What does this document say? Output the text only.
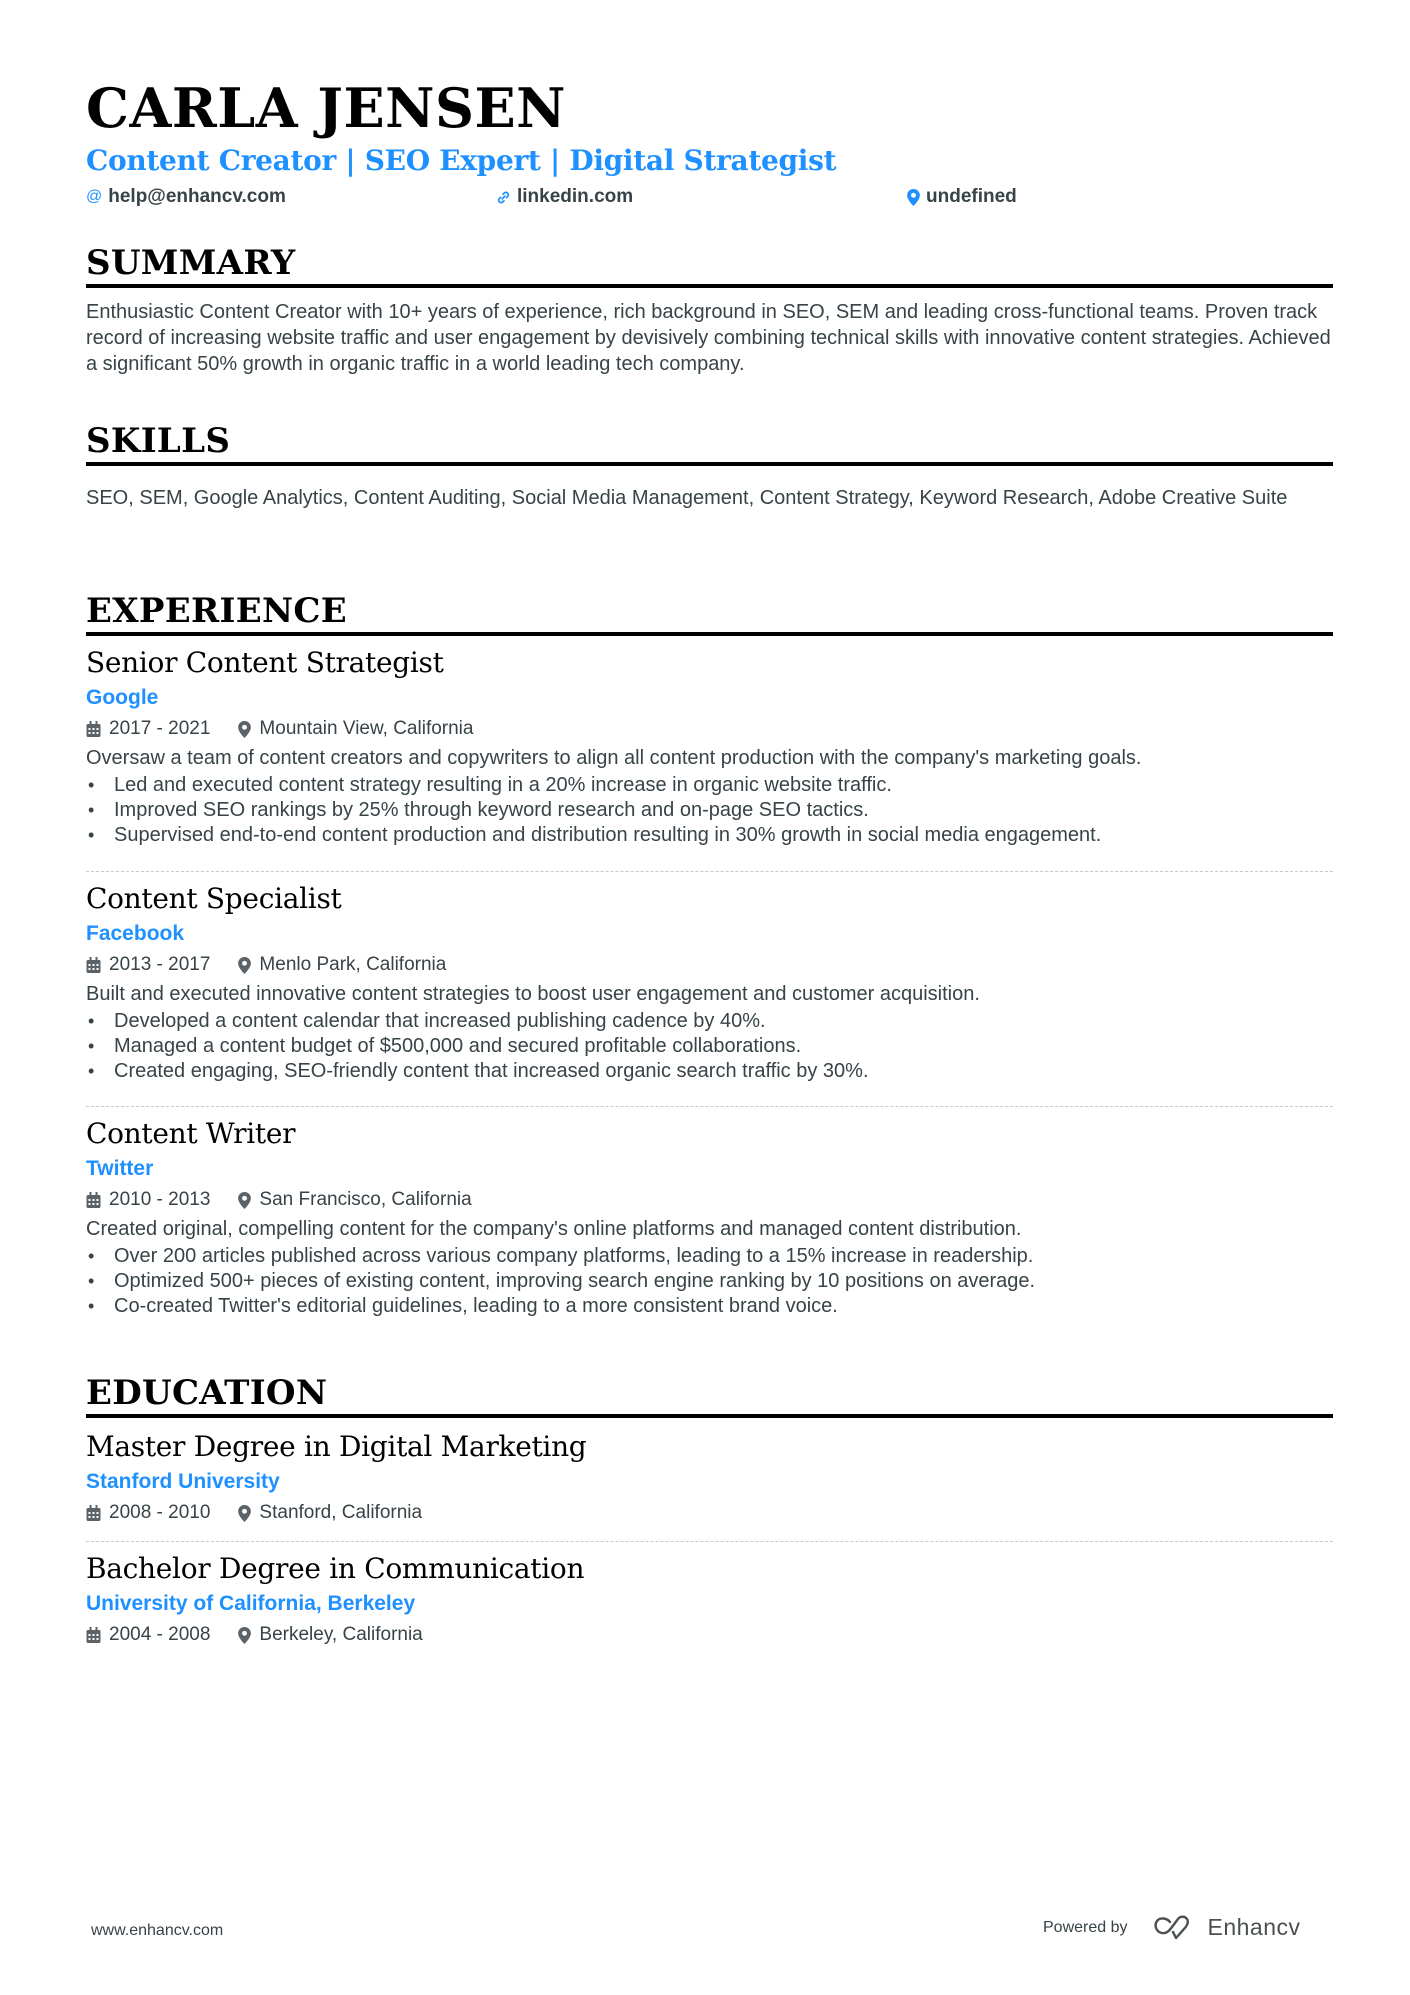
CARLA JENSEN
Content Creator | SEO Expert | Digital Strategist
@ help@enhancv.com	linkedin.com	undefined
SUMMARY
Enthusiastic Content Creator with 10+ years of experience, rich background in SEO, SEM and leading cross-functional teams. Proven track record of increasing website traffic and user engagement by devisively combining technical skills with innovative content strategies. Achieved a significant 50% growth in organic traffic in a world leading tech company.
SKILLS
SEO, SEM, Google Analytics, Content Auditing, Social Media Management, Content Strategy, Keyword Research, Adobe Creative Suite
EXPERIENCE
Senior Content Strategist
Google
2017 - 2021	Mountain View, California
Oversaw a team of content creators and copywriters to align all content production with the company's marketing goals.
• Led and executed content strategy resulting in a 20% increase in organic website traffic.
• Improved SEO rankings by 25% through keyword research and on-page SEO tactics.
• Supervised end-to-end content production and distribution resulting in 30% growth in social media engagement.
Content Specialist
Facebook
2013 - 2017	Menlo Park, California
Built and executed innovative content strategies to boost user engagement and customer acquisition.
• Developed a content calendar that increased publishing cadence by 40%.
• Managed a content budget of $500,000 and secured profitable collaborations.
• Created engaging, SEO-friendly content that increased organic search traffic by 30%.
Content Writer
Twitter
2010 - 2013	San Francisco, California
Created original, compelling content for the company's online platforms and managed content distribution.
• Over 200 articles published across various company platforms, leading to a 15% increase in readership.
• Optimized 500+ pieces of existing content, improving search engine ranking by 10 positions on average.
• Co-created Twitter's editorial guidelines, leading to a more consistent brand voice.
EDUCATION
Master Degree in Digital Marketing
Stanford University
2008 - 2010	Stanford, California
Bachelor Degree in Communication
University of California, Berkeley
2004 - 2008	Berkeley, California
www.enhancv.com	Powered by	Enhancv
